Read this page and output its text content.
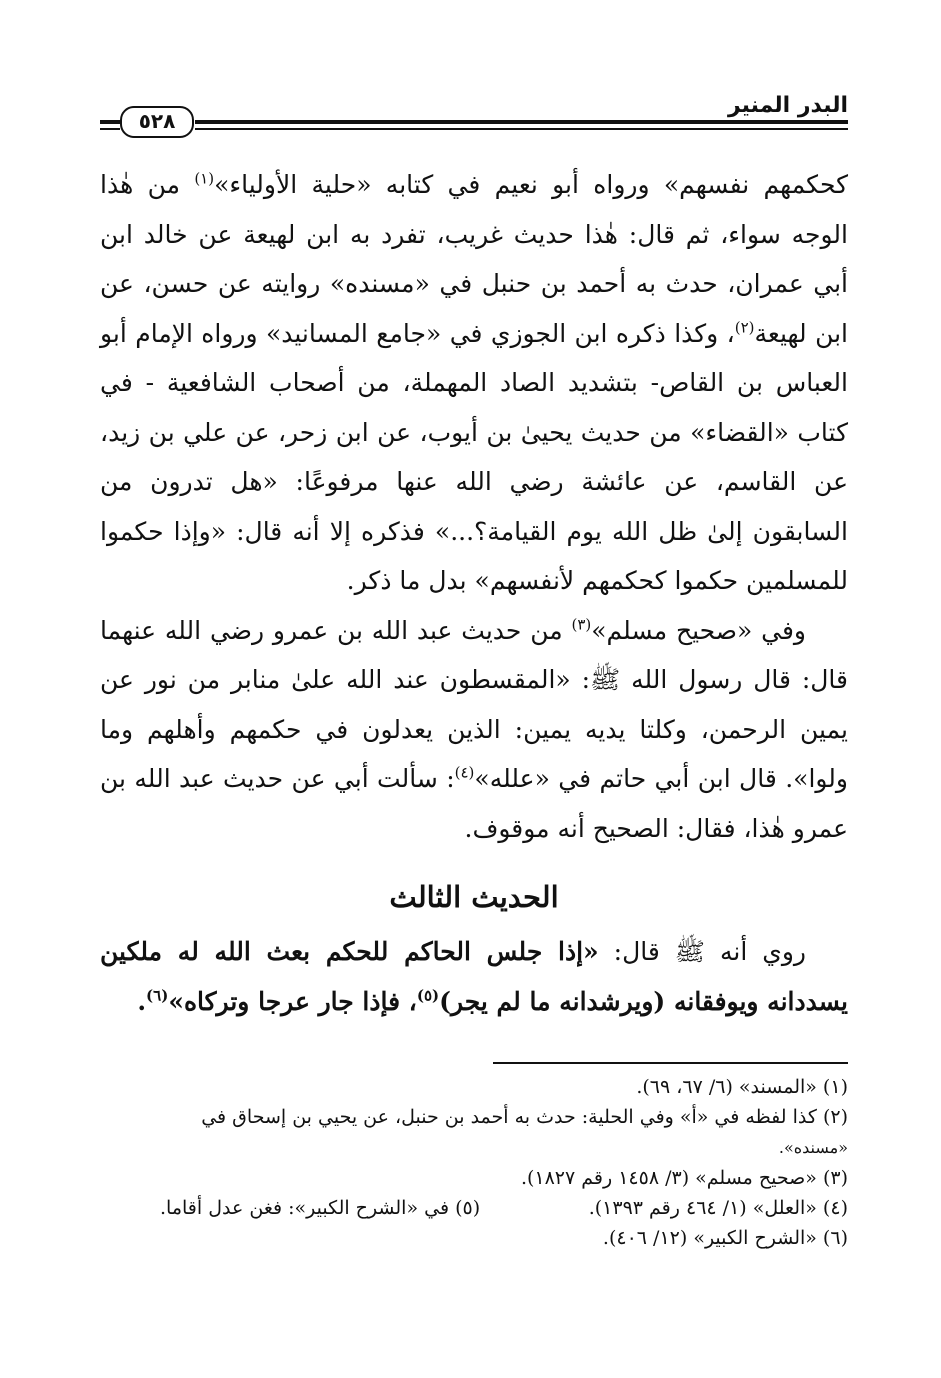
٥٢٨
البدر المنير

كحكمهم نفسهم» ورواه أبو نعيم في كتابه «حلية الأولياء»$^{(١)}$ من هٰذا الوجه سواء، ثم قال: هٰذا حديث غريب، تفرد به ابن لهيعة عن خالد ابن أبي عمران، حدث به أحمد بن حنبل في «مسنده» روايته عن حسن، عن ابن لهيعة$^{(٢)}$، وكذا ذكره ابن الجوزي في «جامع المسانيد» ورواه الإمام أبو العباس بن القاص- بتشديد الصاد المهملة، من أصحاب الشافعية - في كتاب «القضاء» من حديث يحيىٰ بن أيوب، عن ابن زحر، عن علي بن زيد، عن القاسم، عن عائشة رضي الله عنها مرفوعًا: «هل تدرون من السابقون إلىٰ ظل الله يوم القيامة؟...» فذكره إلا أنه قال: «وإذا حكموا للمسلمين حكموا كحكمهم لأنفسهم» بدل ما ذكر.

وفي «صحيح مسلم»$^{(٣)}$ من حديث عبد الله بن عمرو رضي الله عنهما قال: قال رسول الله ﷺ: «المقسطون عند الله علىٰ منابر من نور عن يمين الرحمن، وكلتا يديه يمين: الذين يعدلون في حكمهم وأهلهم وما ولوا». قال ابن أبي حاتم في «علله»$^{(٤)}$: سألت أبي عن حديث عبد الله بن عمرو هٰذا، فقال: الصحيح أنه موقوف.

الحديث الثالث

روي أنه ﷺ قال: «إذا جلس الحاكم للحكم بعث الله له ملكين يسددانه ويوفقانه (ويرشدانه ما لم يجر)$^{(٥)}$، فإذا جار عرجا وتركاه»$^{(٦)}$.

(١) «المسند» (٦/ ٦٧، ٦٩).

(٢) كذا لفظه في «أ» وفي الحلية: حدث به أحمد بن حنبل، عن يحيي بن إسحاق في

«مسنده».

(٣) «صحيح مسلم» (٣/ ١٤٥٨ رقم ١٨٢٧).

(٤) «العلل» (١/ ٤٦٤ رقم ١٣٩٣).
(٥) في «الشرح الكبير»: فغن عدل أقاما.

(٦) «الشرح الكبير» (١٢/ ٤٠٦).
